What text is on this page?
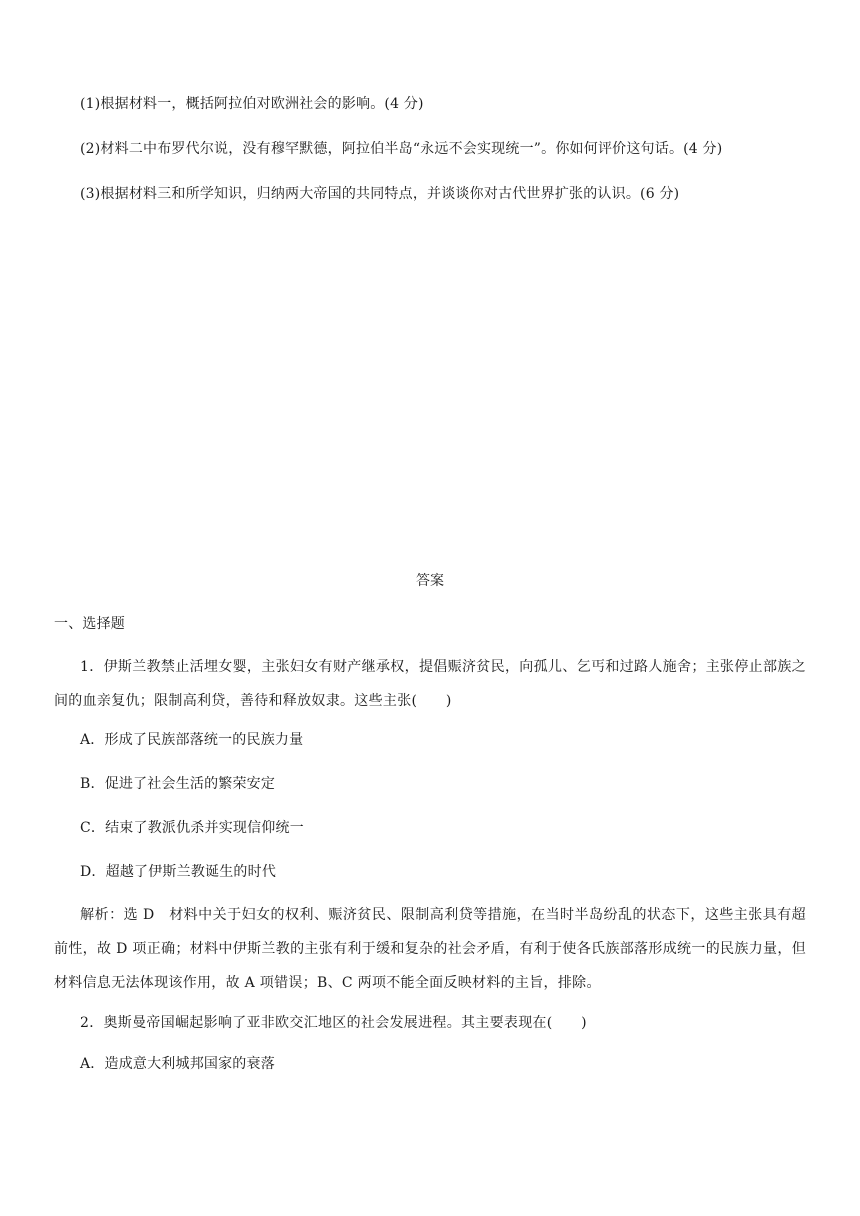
(1)根据材料一，概括阿拉伯对欧洲社会的影响。(4 分)
(2)材料二中布罗代尔说，没有穆罕默德，阿拉伯半岛“永远不会实现统一”。你如何评价这句话。(4 分)
(3)根据材料三和所学知识，归纳两大帝国的共同特点，并谈谈你对古代世界扩张的认识。(6 分)
答案
一、选择题
1．伊斯兰教禁止活埋女婴，主张妇女有财产继承权，提倡赈济贫民，向孤儿、乞丐和过路人施舍；主张停止部族之间的血亲复仇；限制高利贷，善待和释放奴隶。这些主张(　　)
A．形成了民族部落统一的民族力量
B．促进了社会生活的繁荣安定
C．结束了教派仇杀并实现信仰统一
D．超越了伊斯兰教诞生的时代
解析：选 D　材料中关于妇女的权利、赈济贫民、限制高利贷等措施，在当时半岛纷乱的状态下，这些主张具有超前性，故 D 项正确；材料中伊斯兰教的主张有利于缓和复杂的社会矛盾，有利于使各氏族部落形成统一的民族力量，但材料信息无法体现该作用，故 A 项错误；B、C 两项不能全面反映材料的主旨，排除。
2．奥斯曼帝国崛起影响了亚非欧交汇地区的社会发展进程。其主要表现在(　　)
A．造成意大利城邦国家的衰落
